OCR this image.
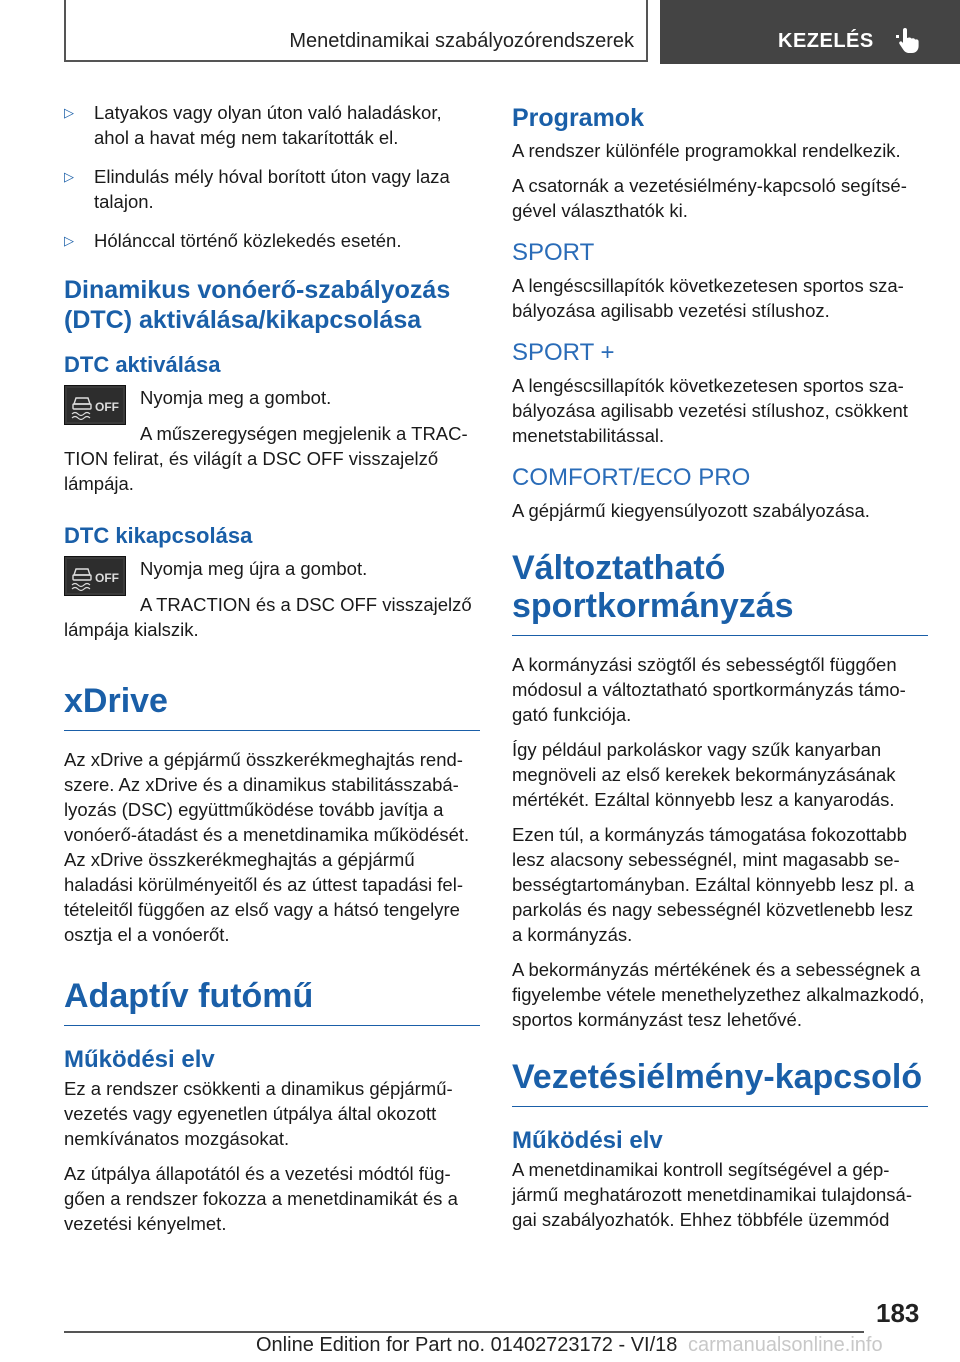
Menetdinamikai szabályozórendszerek	KEZELÉS
▷ Latyakos vagy olyan úton való haladáskor, ahol a havat még nem takarították el.
▷ Elindulás mély hóval borított úton vagy laza talajon.
▷ Hólánccal történő közlekedés esetén.
Dinamikus vonóerő-szabályozás (DTC) aktiválása/kikapcsolása
DTC aktiválása
OFF Nyomja meg a gombot.

A műszeregységen megjelenik a TRACTION felirat, és világít a DSC OFF visszajelző lámpája.

DTC kikapcsolása
OFF Nyomja meg újra a gombot.

A TRACTION és a DSC OFF visszajelző lámpája kialszik.

xDrive

Az xDrive a gépjármű összkerékmeghajtás rendszere. Az xDrive és a dinamikus stabilitásszabályozás (DSC) együttműködése tovább javítja a vonóerő-átadást és a menetdinamika működését. Az xDrive összkerékmeghajtás a gépjármű haladási körülményeitől és az úttest tapadási feltételeitől függően az első vagy a hátsó tengelyre osztja el a vonóerőt.

Adaptív futómű
Működési elv

Ez a rendszer csökkenti a dinamikus gépjárművezetés vagy egyenetlen útpálya által okozott nemkívánatos mozgásokat.

Az útpálya állapotától és a vezetési módtól függően a rendszer fokozza a menetdinamikát és a vezetési kényelmet.

Programok

A rendszer különféle programokkal rendelkezik.

A csatornák a vezetésiélmény-kapcsoló segítségével választhatók ki.

SPORT

A lengéscsillapítók következetesen sportos szabályozása agilisabb vezetési stílushoz.

SPORT +

A lengéscsillapítók következetesen sportos szabályozása agilisabb vezetési stílushoz, csökkent menetstabilitással.

COMFORT/ECO PRO

A gépjármű kiegyensúlyozott szabályozása.

Változtatható sportkormányzás

A kormányzási szögtől és sebességtől függően módosul a változtatható sportkormányzás támogató funkciója.

Így például parkoláskor vagy szűk kanyarban megnöveli az első kerekek bekormányzásának mértékét. Ezáltal könnyebb lesz a kanyarodás.

Ezen túl, a kormányzás támogatása fokozottabb lesz alacsony sebességnél, mint magasabb sebességtartományban. Ezáltal könnyebb lesz pl. a parkolás és nagy sebességnél közvetlenebb lesz a kormányzás.

A bekormányzás mértékének és a sebességnek a figyelembe vétele menethelyzethez alkalmazkodó, sportos kormányzást tesz lehetővé.

Vezetésiélmény-kapcsoló
Működési elv

A menetdinamikai kontroll segítségével a gépjármű meghatározott menetdinamikai tulajdonságai szabályozhatók. Ehhez többféle üzemmód

183
Online Edition for Part no. 01402723172 - VI/18 carmanualsonline.info
